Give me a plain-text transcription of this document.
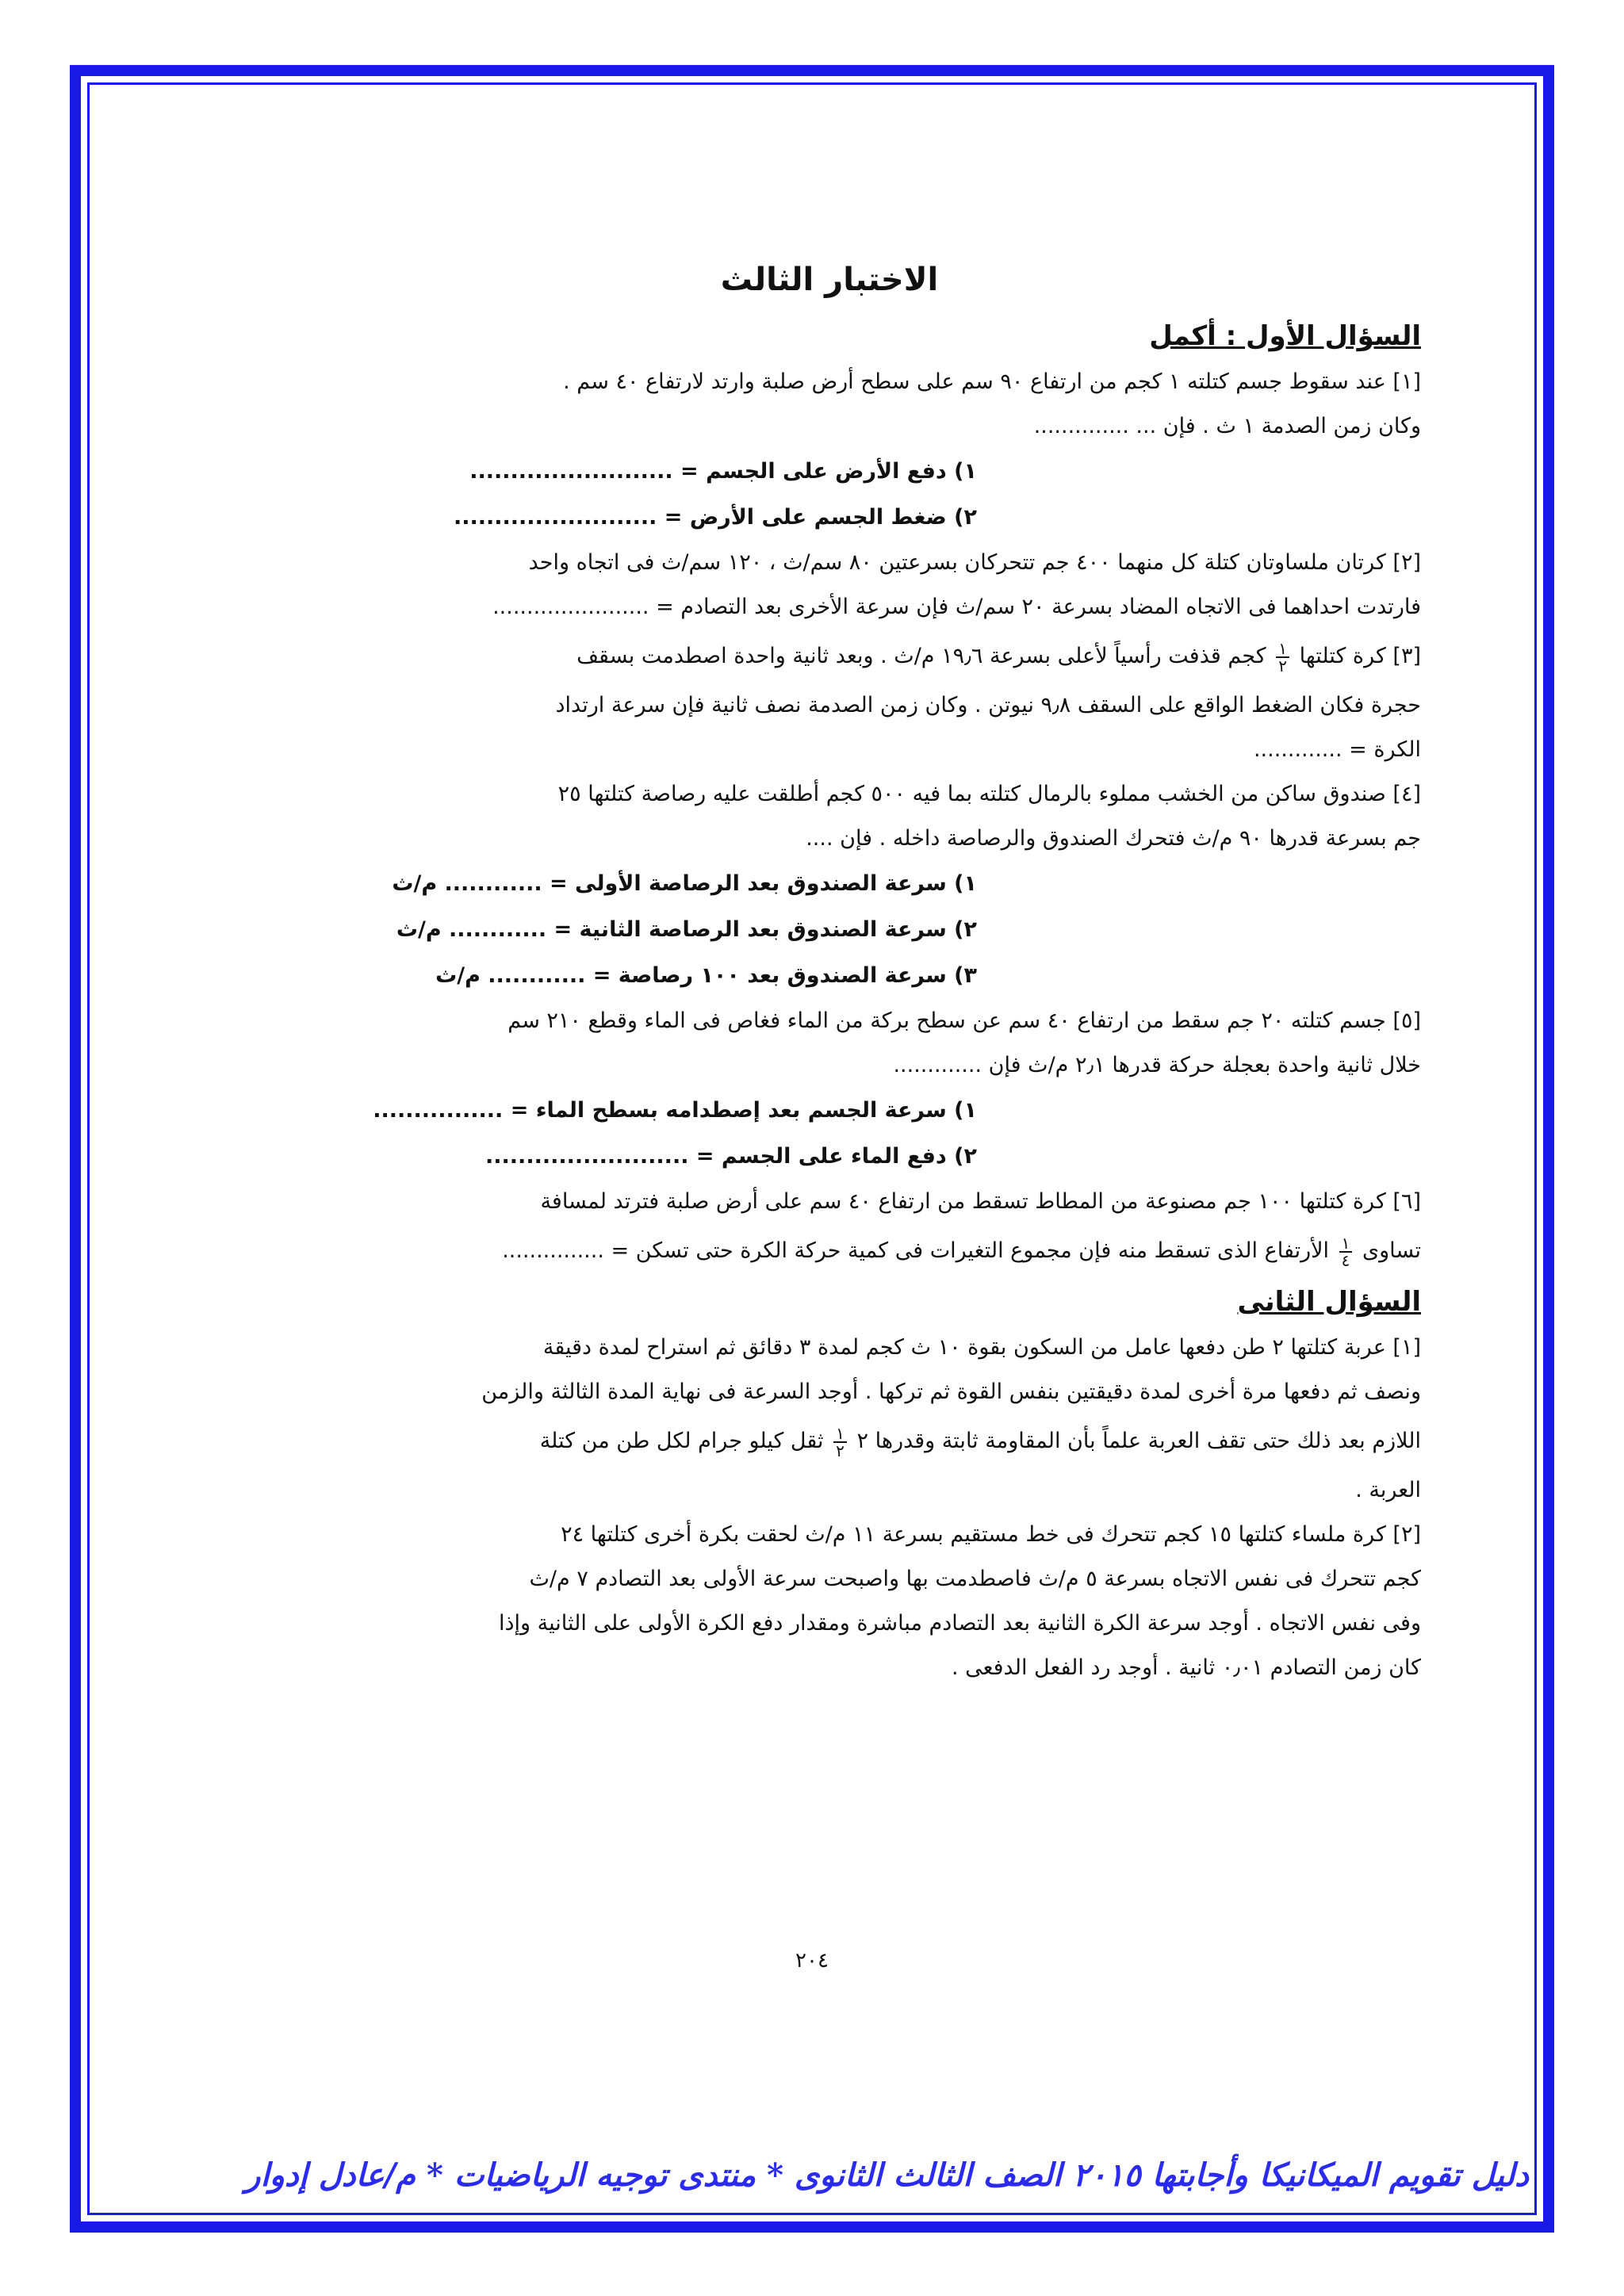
الاختبار الثالث
السؤال الأول : أكمل

[١] عند سقوط جسم كتلته ١ كجم من ارتفاع ٩٠ سم على سطح أرض صلبة وارتد لارتفاع ٤٠ سم .

وكان زمن الصدمة ١ ث . فإن ... ..............

١) دفع الأرض على الجسم = .........................

٢) ضغط الجسم على الأرض = .........................

[٢] كرتان ملساوتان كتلة كل منهما ٤٠٠ جم تتحركان بسرعتين ٨٠ سم/ث ، ١٢٠ سم/ث فى اتجاه واحد

فارتدت احداهما فى الاتجاه المضاد بسرعة ٢٠ سم/ث فإن سرعة الأخرى بعد التصادم = .......................

[٣] كرة كتلتها
$\frac{١}{٢}$
كجم قذفت رأسياً لأعلى بسرعة ١٩٫٦ م/ث . وبعد ثانية واحدة اصطدمت بسقف

حجرة فكان الضغط الواقع على السقف ٩٫٨ نيوتن . وكان زمن الصدمة نصف ثانية فإن سرعة ارتداد

الكرة = .............

[٤] صندوق ساكن من الخشب مملوء بالرمال كتلته بما فيه ٥٠٠ كجم أطلقت عليه رصاصة كتلتها ٢٥

جم بسرعة قدرها ٩٠ م/ث فتحرك الصندوق والرصاصة داخله . فإن ....

١) سرعة الصندوق بعد الرصاصة الأولى = ............ م/ث

٢) سرعة الصندوق بعد الرصاصة الثانية = ............ م/ث

٣) سرعة الصندوق بعد ١٠٠ رصاصة = ............ م/ث

[٥] جسم كتلته ٢٠ جم سقط من ارتفاع ٤٠ سم عن سطح بركة من الماء فغاص فى الماء وقطع ٢١٠ سم

خلال ثانية واحدة بعجلة حركة قدرها ٢٫١ م/ث فإن .............

١) سرعة الجسم بعد إصطدامه بسطح الماء = ................

٢) دفع الماء على الجسم = .........................

[٦] كرة كتلتها ١٠٠ جم مصنوعة من المطاط تسقط من ارتفاع ٤٠ سم على أرض صلبة فترتد لمسافة

تساوى
$\frac{١}{٤}$
الأرتفاع الذى تسقط منه فإن مجموع التغيرات فى كمية حركة الكرة حتى تسكن = ...............

السؤال الثانى

[١] عربة كتلتها ٢ طن دفعها عامل من السكون بقوة ١٠ ث كجم لمدة ٣ دقائق ثم استراح لمدة دقيقة

ونصف ثم دفعها مرة أخرى لمدة دقيقتين بنفس القوة ثم تركها . أوجد السرعة فى نهاية المدة الثالثة والزمن

اللازم بعد ذلك حتى تقف العربة علماً بأن المقاومة ثابتة وقدرها ٢
$\frac{١}{٢}$
ثقل كيلو جرام لكل طن من كتلة

العربة .

[٢] كرة ملساء كتلتها ١٥ كجم تتحرك فى خط مستقيم بسرعة ١١ م/ث لحقت بكرة أخرى كتلتها ٢٤

كجم تتحرك فى نفس الاتجاه بسرعة ٥ م/ث فاصطدمت بها واصبحت سرعة الأولى بعد التصادم ٧ م/ث

وفى نفس الاتجاه . أوجد سرعة الكرة الثانية بعد التصادم مباشرة ومقدار دفع الكرة الأولى على الثانية وإذا

كان زمن التصادم ٠٫٠١ ثانية . أوجد رد الفعل الدفعى .

٢٠٤
دليل تقويم الميكانيكا وأجابتها ٢٠١٥ الصف الثالث الثانوى * منتدى توجيه الرياضيات * م/عادل إدوار
